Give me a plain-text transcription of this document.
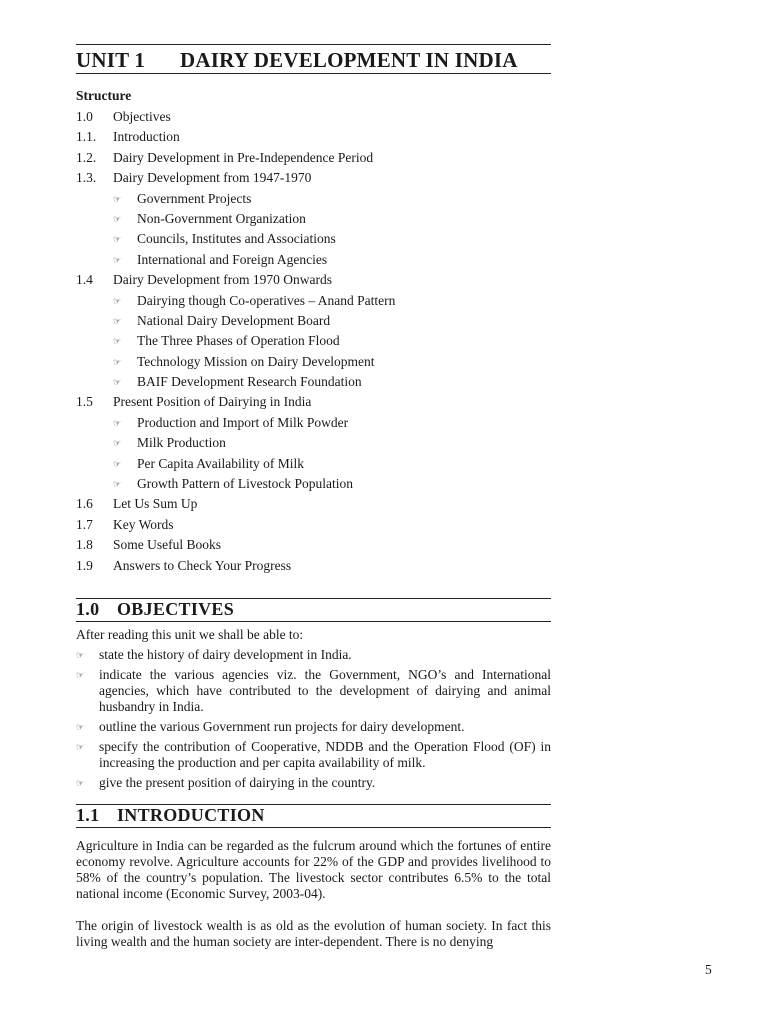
UNIT 1	DAIRY DEVELOPMENT IN INDIA
Structure
1.0	Objectives
1.1.	Introduction
1.2.	Dairy Development in Pre-Independence Period
1.3.	Dairy Development from 1947-1970
☞	Government Projects
☞	Non-Government Organization
☞	Councils, Institutes and Associations
☞	International and Foreign Agencies
1.4	Dairy Development from 1970 Onwards
☞	Dairying though Co-operatives – Anand Pattern
☞	National Dairy Development Board
☞	The Three Phases of Operation Flood
☞	Technology Mission on Dairy Development
☞	BAIF Development Research Foundation
1.5	Present Position of Dairying in India
☞	Production and Import of Milk Powder
☞	Milk Production
☞	Per Capita Availability of Milk
☞	Growth Pattern of Livestock Population
1.6	Let Us Sum Up
1.7	Key Words
1.8	Some Useful Books
1.9	Answers to Check Your Progress
1.0 OBJECTIVES
After reading this unit we shall be able to:
☞	state the history of dairy development in India.
☞	indicate the various agencies viz. the Government, NGO’s and International agencies, which have contributed to the development of dairying and animal husbandry in India.
☞	outline the various Government run projects for dairy development.
☞	specify the contribution of Cooperative, NDDB and the Operation Flood (OF) in increasing the production and per capita availability of milk.
☞	give the present position of dairying in the country.
1.1 INTRODUCTION
Agriculture in India can be regarded as the fulcrum around which the fortunes of entire economy revolve. Agriculture accounts for 22% of the GDP and provides livelihood to 58% of the country’s population. The livestock sector contributes 6.5% to the total national income (Economic Survey, 2003-04).
The origin of livestock wealth is as old as the evolution of human society. In fact this living wealth and the human society are inter-dependent. There is no denying
5
